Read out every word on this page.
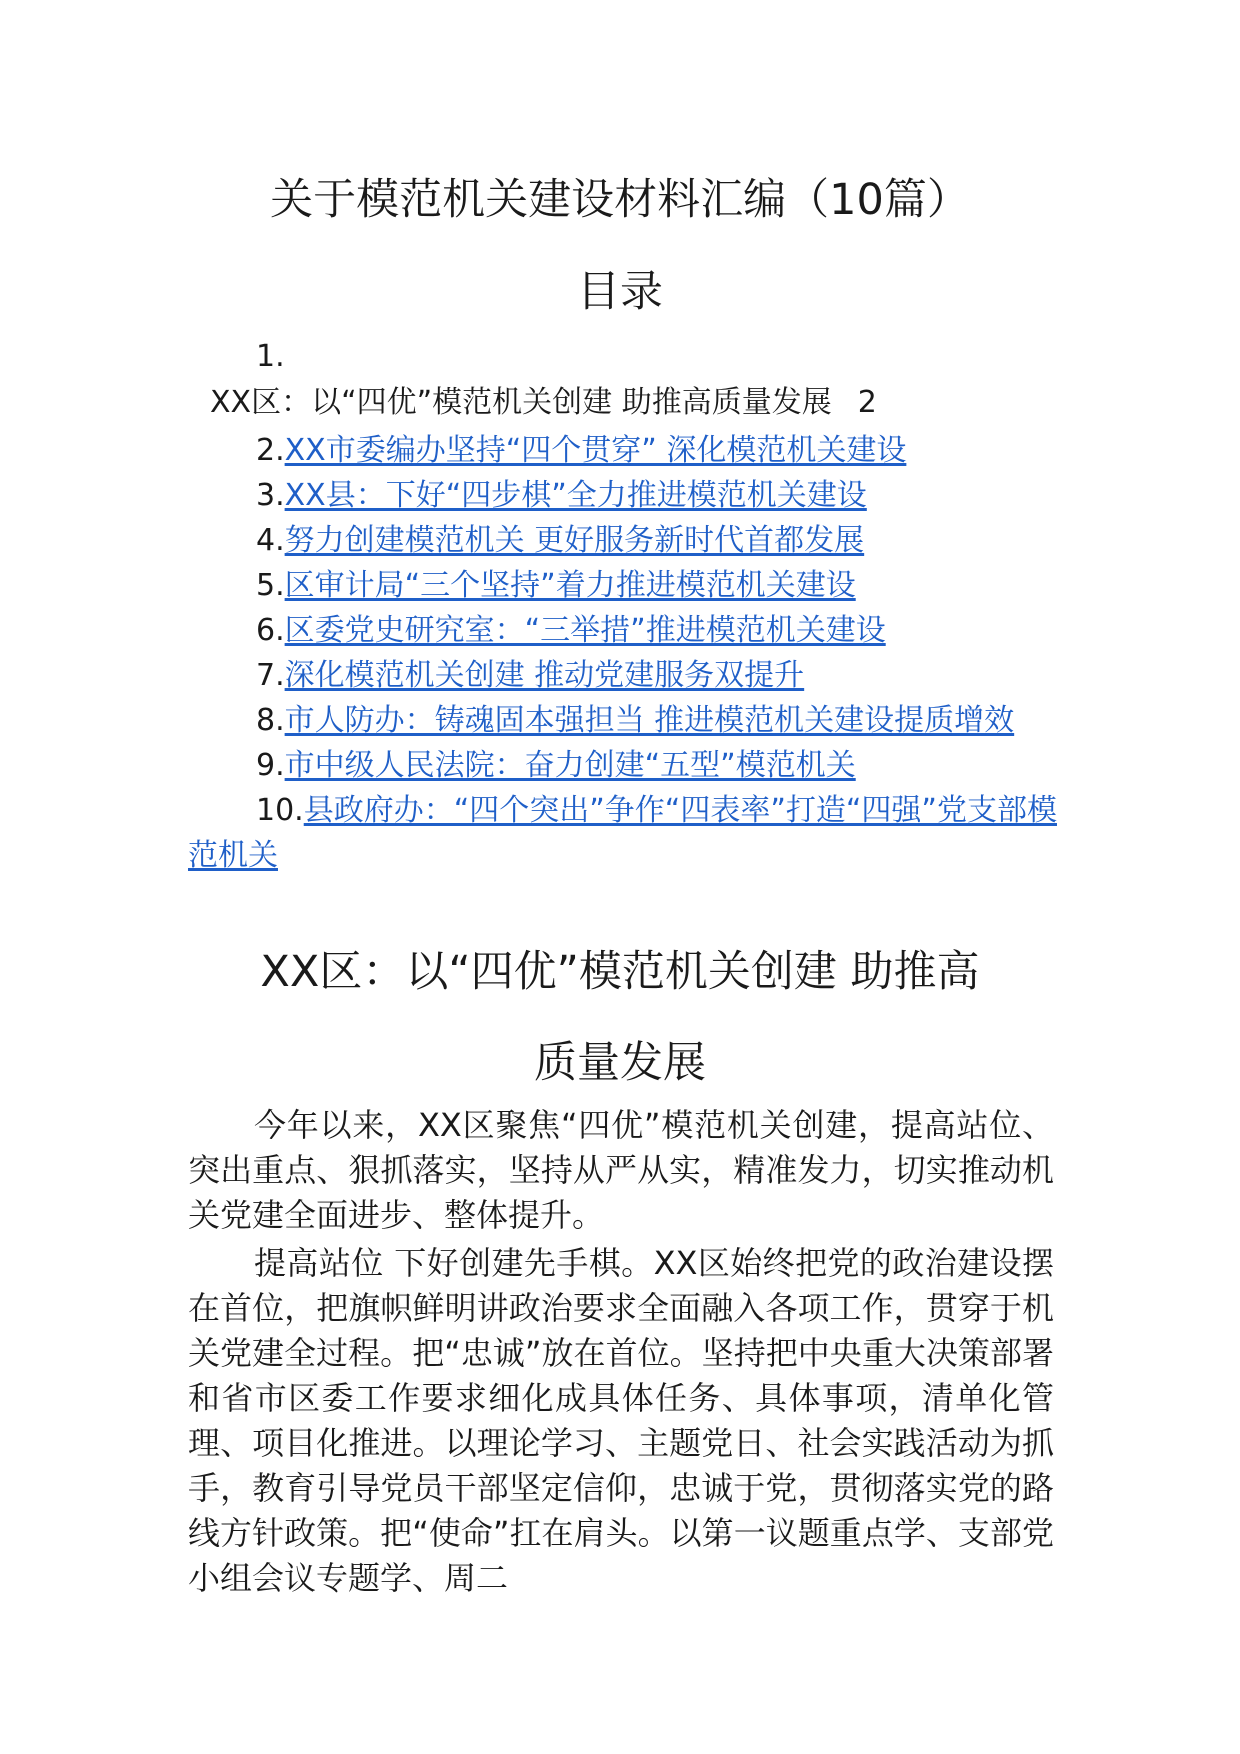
关于模范机关建设材料汇编（10篇）
目录
1.
XX区：以“四优”模范机关创建 助推高质量发展 2
2.XX市委编办坚持“四个贯穿” 深化模范机关建设
3.XX县：下好“四步棋”全力推进模范机关建设
4.努力创建模范机关 更好服务新时代首都发展
5.区审计局“三个坚持”着力推进模范机关建设
6.区委党史研究室：“三举措”推进模范机关建设
7.深化模范机关创建 推动党建服务双提升
8.市人防办：铸魂固本强担当 推进模范机关建设提质增效
9.市中级人民法院：奋力创建“五型”模范机关
10.县政府办：“四个突出”争作“四表率”打造“四强”党支部模范机关
XX区：以“四优”模范机关创建 助推高
质量发展

今年以来，XX区聚焦“四优”模范机关创建，提高站位、突出重点、狠抓落实，坚持从严从实，精准发力，切实推动机关党建全面进步、整体提升。

提高站位 下好创建先手棋。XX区始终把党的政治建设摆在首位，把旗帜鲜明讲政治要求全面融入各项工作，贯穿于机关党建全过程。把“忠诚”放在首位。坚持把中央重大决策部署和省市区委工作要求细化成具体任务、具体事项，清单化管理、项目化推进。以理论学习、主题党日、社会实践活动为抓手，教育引导党员干部坚定信仰，忠诚于党，贯彻落实党的路线方针政策。把“使命”扛在肩头。以第一议题重点学、支部党小组会议专题学、周二
